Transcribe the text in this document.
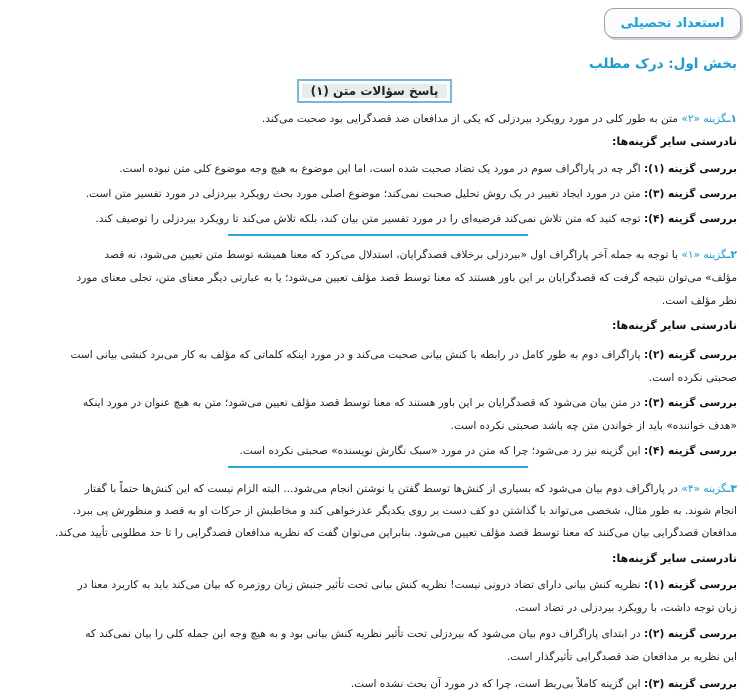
استعداد تحصیلی
بخش اول: درک مطلب
پاسخ سؤالات متن (۱)
۱ـگزینه «۲» متن به طور کلی در مورد رویکرد بیردزلی که یکی از مدافعان ضد قصدگرایی بود صحبت می‌کند.
نادرستی سایر گزینه‌ها:
بررسی گزینه (۱): اگر چه در پاراگراف سوم در مورد یک تضاد صحبت شده است، اما این موضوع به هیچ وجه موضوع کلی متن نبوده است.
بررسی گزینه (۳): متن در مورد ایجاد تغییر در یک روش تحلیل صحبت نمی‌کند؛ موضوع اصلی مورد بحث رویکرد بیردزلی در مورد تفسیر متن است.
بررسی گزینه (۴): توجه کنید که متن تلاش نمی‌کند فرضیه‌ای را در مورد تفسیر متن بیان کند، بلکه تلاش می‌کند تا رویکرد بیردزلی را توصیف کند.
۲ـگزینه «۱» با توجه به جمله آخر پاراگراف اول «بیردزلی برخلاف قصدگرایان، استدلال می‌کرد که معنا همیشه توسط متن تعیین می‌شود، نه قصد
مؤلف» می‌توان نتیجه گرفت که قصدگرایان بر این باور هستند که معنا توسط قصد مؤلف تعیین می‌شود؛ یا به عبارتی دیگر معنای متن، تجلی معنای مورد
نظر مؤلف است.
نادرستی سایر گزینه‌ها:
بررسی گزینه (۲): پاراگراف دوم به طور کامل در رابطه با کنش بیانی صحبت می‌کند و در مورد اینکه کلماتی که مؤلف به کار می‌برد کنشی بیانی است
صحبتی نکرده است.
بررسی گزینه (۳): در متن بیان می‌شود که قصدگرایان بر این باور هستند که معنا توسط قصد مؤلف تعیین می‌شود؛ متن به هیچ عنوان در مورد اینکه
«هدف خواننده» باید از خواندن متن چه باشد صحبتی نکرده است.
بررسی گزینه (۴): این گزینه نیز رد می‌شود؛ چرا که متن در مورد «سبک نگارش نویسنده» صحبتی نکرده است.
۳ـگزینه «۴» در پاراگراف دوم بیان می‌شود که بسیاری از کنش‌ها توسط گفتن یا نوشتن انجام می‌شود... البته الزام نیست که این کنش‌ها حتماً با گفتار
انجام شوند. به طور مثال، شخصی می‌تواند با گذاشتن دو کف دست بر روی یکدیگر عذرخواهی کند و مخاطبش از حرکات او به قصد و منظورش پی ببرد.
مدافعان قصدگرایی بیان می‌کنند که معنا توسط قصد مؤلف تعیین می‌شود. بنابراین می‌توان گفت که نظریه مدافعان قصدگرایی را تا حد مطلوبی تأیید می‌کند.
نادرستی سایر گزینه‌ها:
بررسی گزینه (۱): نظریه کنش بیانی دارای تضاد درونی نیست! نظریه کنش بیانی تحت تأثیر جنبش زبان روزمره که بیان می‌کند باید به کاربرد معنا در
زبان توجه داشت، با رویکرد بیردزلی در تضاد است.
بررسی گزینه (۲): در ابتدای پاراگراف دوم بیان می‌شود که بیردزلی تحت تأثیر نظریه کنش بیانی بود و به هیچ وجه این جمله کلی را بیان نمی‌کند که
این نظریه بر مدافعان ضد قصدگرایی تأثیرگذار است.
بررسی گزینه (۳): این گزینه کاملاً بی‌ربط است، چرا که در مورد آن بحث نشده است.
